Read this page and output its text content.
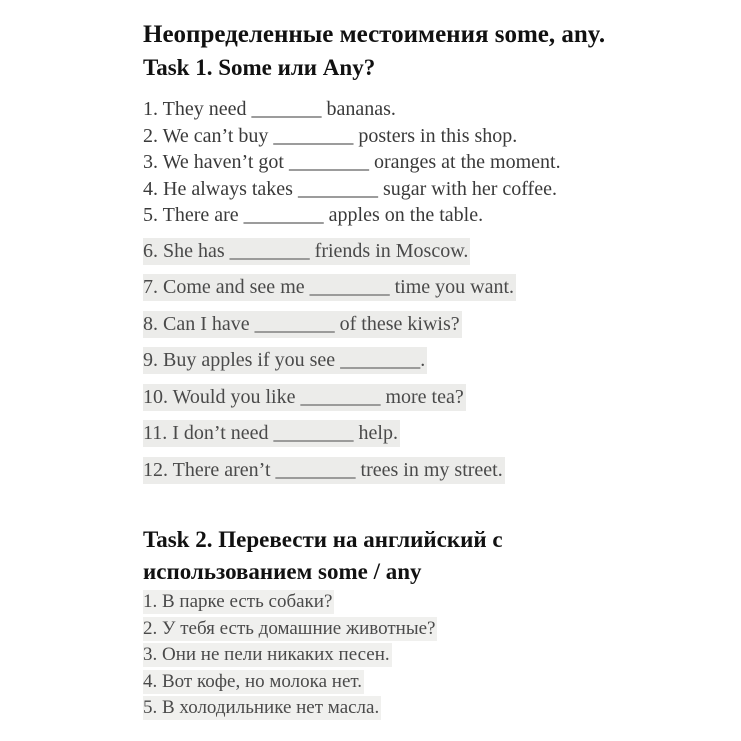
Неопределенные местоимения some, any.
Task 1. Some или Any?
1. They need _______ bananas.
2. We can’t buy ________ posters in this shop.
3. We haven’t got ________ oranges at the moment.
4. He always takes ________ sugar with her coffee.
5. There are ________ apples on the table.
6. She has ________ friends in Moscow.
7. Come and see me ________ time you want.
8. Can I have ________ of these kiwis?
9. Buy apples if you see ________.
10. Would you like ________ more tea?
11. I don’t need ________ help.
12. There aren’t ________ trees in my street.
Task 2. Перевести на английский с
использованием some / any
1. В парке есть собаки?
2. У тебя есть домашние животные?
3. Они не пели никаких песен.
4. Вот кофе, но молока нет.
5. В холодильнике нет масла.
